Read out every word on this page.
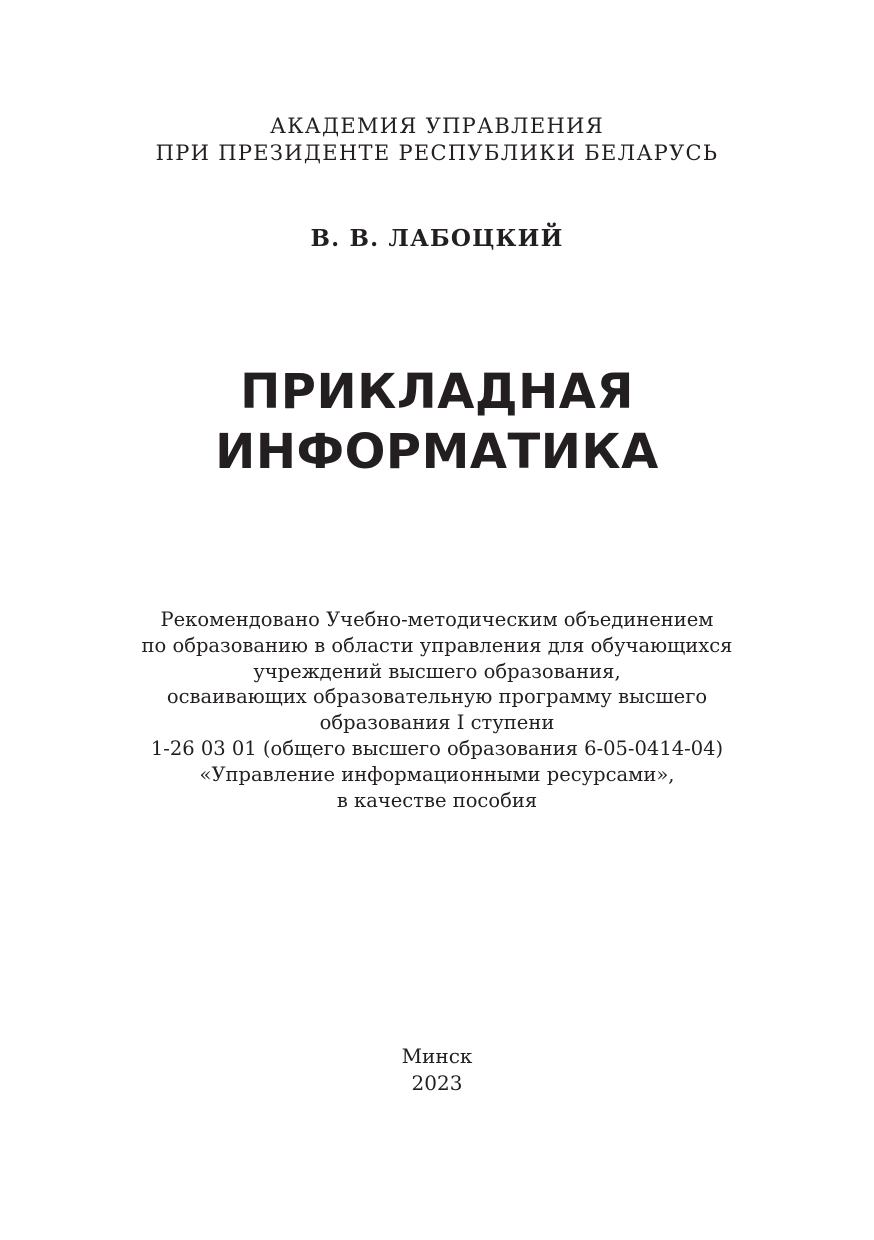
АКАДЕМИЯ УПРАВЛЕНИЯ
ПРИ ПРЕЗИДЕНТЕ РЕСПУБЛИКИ БЕЛАРУСЬ
В. В. ЛАБОЦКИЙ
ПРИКЛАДНАЯ
ИНФОРМАТИКА
Рекомендовано Учебно-методическим объединением
по образованию в области управления для обучающихся
учреждений высшего образования,
осваивающих образовательную программу высшего
образования I ступени
1-26 03 01 (общего высшего образования 6-05-0414-04)
«Управление информационными ресурсами»,
в качестве пособия
Минск
2023
